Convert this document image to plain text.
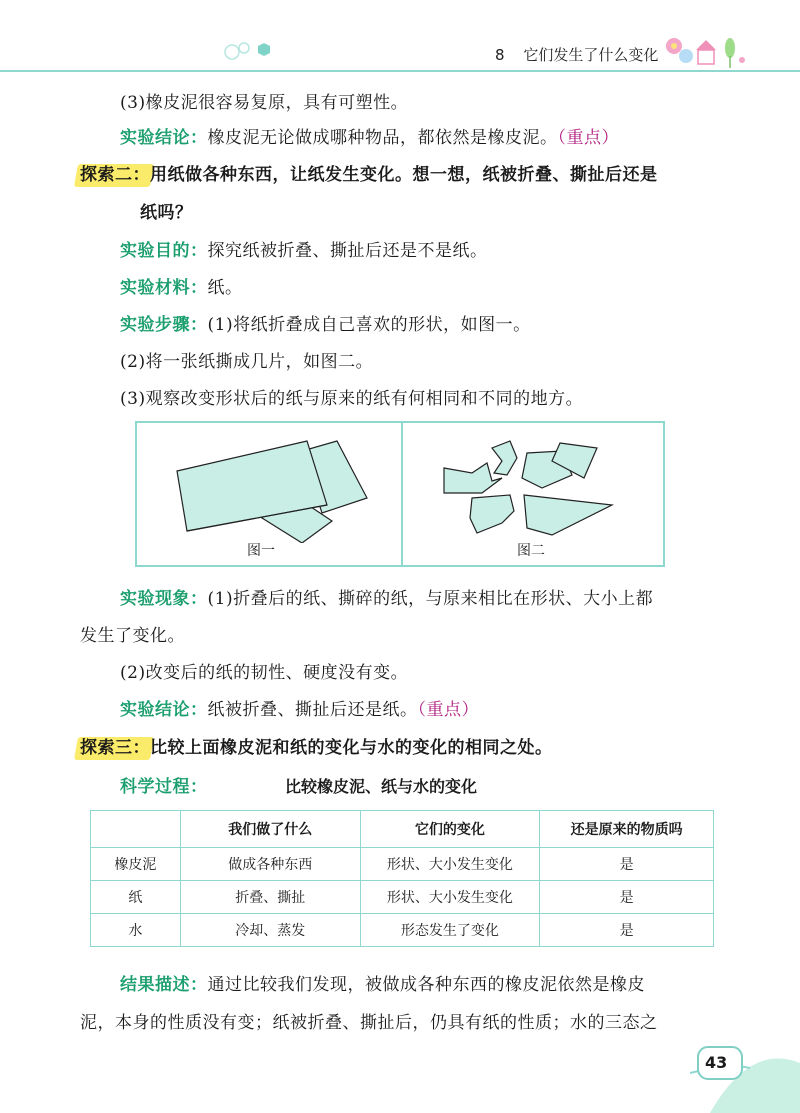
8 它们发生了什么变化
(3)橡皮泥很容易复原，具有可塑性。
实验结论：橡皮泥无论做成哪种物品，都依然是橡皮泥。（重点）
探索二：用纸做各种东西，让纸发生变化。想一想，纸被折叠、撕扯后还是
纸吗？
实验目的：探究纸被折叠、撕扯后还是不是纸。
实验材料：纸。
实验步骤：(1)将纸折叠成自己喜欢的形状，如图一。
(2)将一张纸撕成几片，如图二。
(3)观察改变形状后的纸与原来的纸有何相同和不同的地方。
图一	图二
实验现象：(1)折叠后的纸、撕碎的纸，与原来相比在形状、大小上都
发生了变化。
(2)改变后的纸的韧性、硬度没有变。
实验结论：纸被折叠、撕扯后还是纸。（重点）
探索三：比较上面橡皮泥和纸的变化与水的变化的相同之处。
科学过程：	比较橡皮泥、纸与水的变化
	我们做了什么	它们的变化	还是原来的物质吗
橡皮泥	做成各种东西	形状、大小发生变化	是
纸	折叠、撕扯	形状、大小发生变化	是
水	冷却、蒸发	形态发生了变化	是
结果描述：通过比较我们发现，被做成各种东西的橡皮泥依然是橡皮
泥，本身的性质没有变；纸被折叠、撕扯后，仍具有纸的性质；水的三态之
43
